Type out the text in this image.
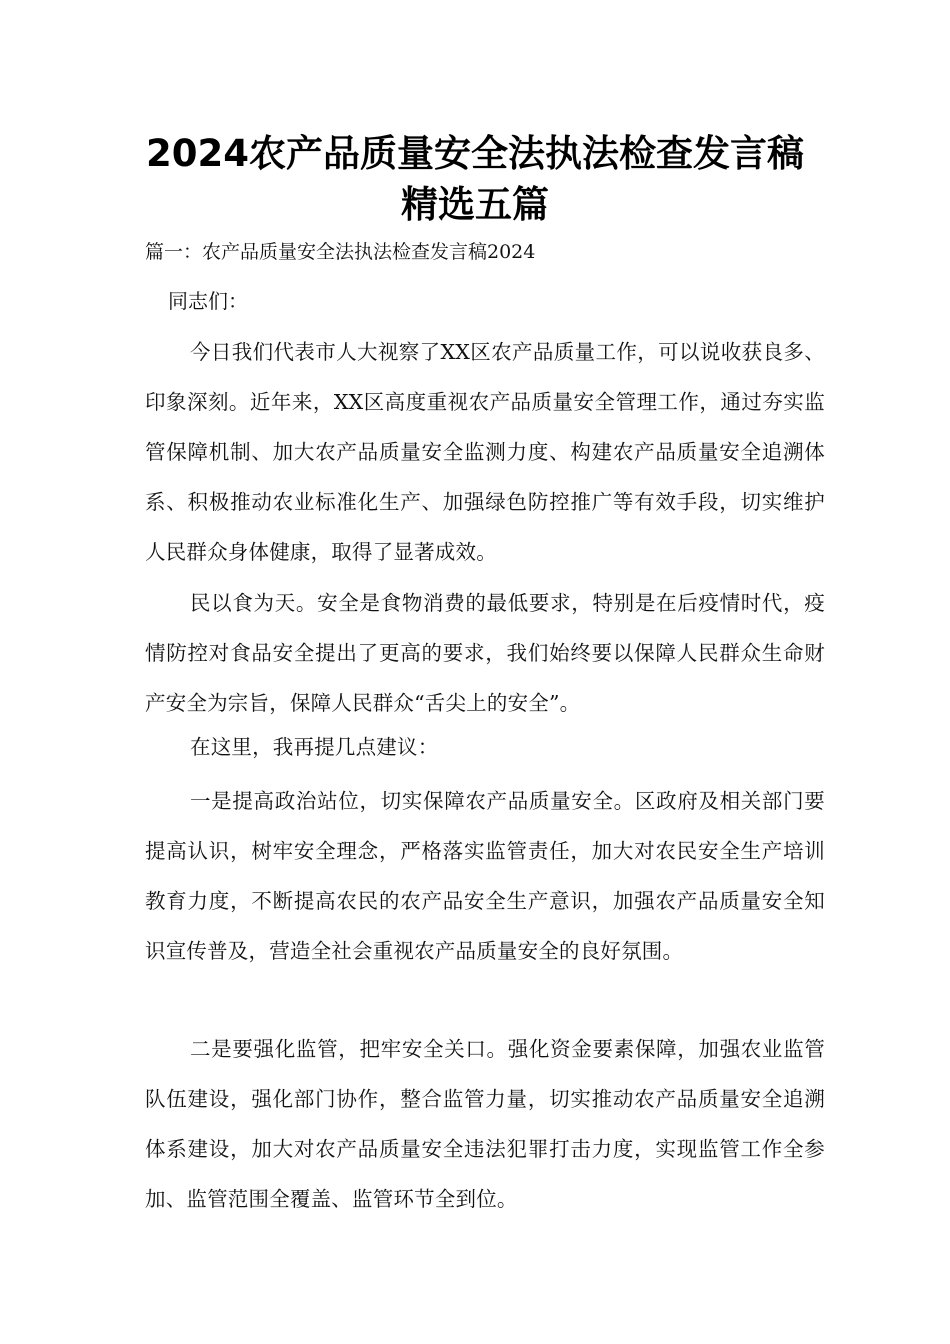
2024农产品质量安全法执法检查发言稿
精选五篇

篇一：农产品质量安全法执法检查发言稿2024

同志们：

今日我们代表市人大视察了XX区农产品质量工作，可以说收获良多、印象深刻。近年来，XX区高度重视农产品质量安全管理工作，通过夯实监管保障机制、加大农产品质量安全监测力度、构建农产品质量安全追溯体系、积极推动农业标准化生产、加强绿色防控推广等有效手段，切实维护人民群众身体健康，取得了显著成效。

民以食为天。安全是食物消费的最低要求，特别是在后疫情时代，疫情防控对食品安全提出了更高的要求，我们始终要以保障人民群众生命财产安全为宗旨，保障人民群众“舌尖上的安全”。

在这里，我再提几点建议：

一是提高政治站位，切实保障农产品质量安全。区政府及相关部门要提高认识，树牢安全理念，严格落实监管责任，加大对农民安全生产培训教育力度，不断提高农民的农产品安全生产意识，加强农产品质量安全知识宣传普及，营造全社会重视农产品质量安全的良好氛围。

二是要强化监管，把牢安全关口。强化资金要素保障，加强农业监管队伍建设，强化部门协作，整合监管力量，切实推动农产品质量安全追溯体系建设，加大对农产品质量安全违法犯罪打击力度，实现监管工作全参加、监管范围全覆盖、监管环节全到位。
